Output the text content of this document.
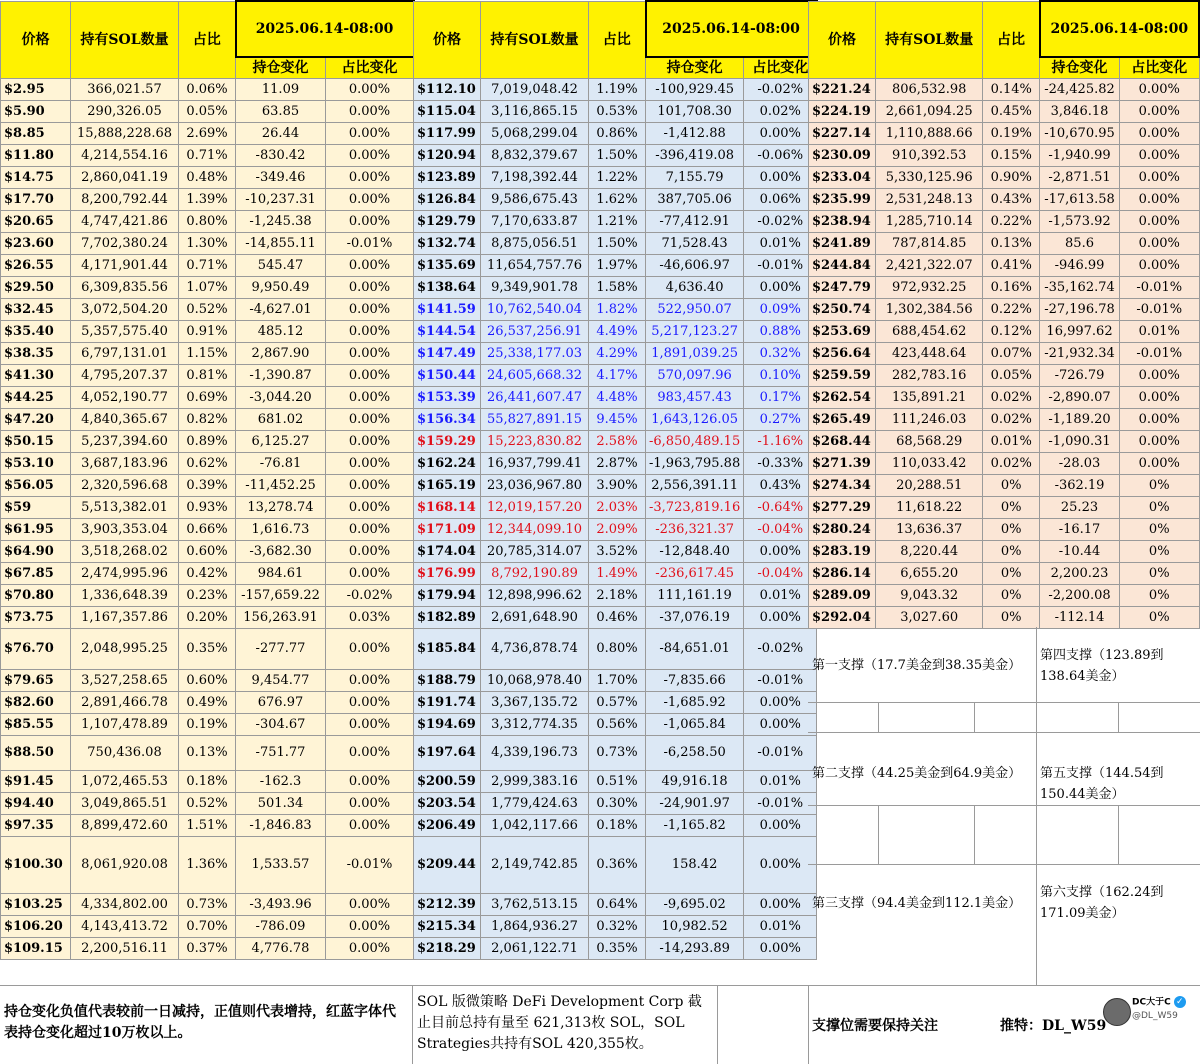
价格	持有SOL数量	占比	2025.06.14-08:00	
			持仓变化	占比变化
$2.95	366,021.57	0.06%	11.09	0.00%
$5.90	290,326.05	0.05%	63.85	0.00%
$8.85	15,888,228.68	2.69%	26.44	0.00%
$11.80	4,214,554.16	0.71%	-830.42	0.00%
$14.75	2,860,041.19	0.48%	-349.46	0.00%
$17.70	8,200,792.44	1.39%	-10,237.31	0.00%
$20.65	4,747,421.86	0.80%	-1,245.38	0.00%
$23.60	7,702,380.24	1.30%	-14,855.11	-0.01%
$26.55	4,171,901.44	0.71%	545.47	0.00%
$29.50	6,309,835.56	1.07%	9,950.49	0.00%
$32.45	3,072,504.20	0.52%	-4,627.01	0.00%
$35.40	5,357,575.40	0.91%	485.12	0.00%
$38.35	6,797,131.01	1.15%	2,867.90	0.00%
$41.30	4,795,207.37	0.81%	-1,390.87	0.00%
$44.25	4,052,190.77	0.69%	-3,044.20	0.00%
$47.20	4,840,365.67	0.82%	681.02	0.00%
$50.15	5,237,394.60	0.89%	6,125.27	0.00%
$53.10	3,687,183.96	0.62%	-76.81	0.00%
$56.05	2,320,596.68	0.39%	-11,452.25	0.00%
$59	5,513,382.01	0.93%	13,278.74	0.00%
$61.95	3,903,353.04	0.66%	1,616.73	0.00%
$64.90	3,518,268.02	0.60%	-3,682.30	0.00%
$67.85	2,474,995.96	0.42%	984.61	0.00%
$70.80	1,336,648.39	0.23%	-157,659.22	-0.02%
$73.75	1,167,357.86	0.20%	156,263.91	0.03%
$76.70	2,048,995.25	0.35%	-277.77	0.00%
$79.65	3,527,258.65	0.60%	9,454.77	0.00%
$82.60	2,891,466.78	0.49%	676.97	0.00%
$85.55	1,107,478.89	0.19%	-304.67	0.00%
$88.50	750,436.08	0.13%	-751.77	0.00%
$91.45	1,072,465.53	0.18%	-162.3	0.00%
$94.40	3,049,865.51	0.52%	501.34	0.00%
$97.35	8,899,472.60	1.51%	-1,846.83	0.00%
$100.30	8,061,920.08	1.36%	1,533.57	-0.01%
$103.25	4,334,802.00	0.73%	-3,493.96	0.00%
$106.20	4,143,413.72	0.70%	-786.09	0.00%
$109.15	2,200,516.11	0.37%	4,776.78	0.00%
价格	持有SOL数量	占比	2025.06.14-08:00	
			持仓变化	占比变化
$112.10	7,019,048.42	1.19%	-100,929.45	-0.02%
$115.04	3,116,865.15	0.53%	101,708.30	0.02%
$117.99	5,068,299.04	0.86%	-1,412.88	0.00%
$120.94	8,832,379.67	1.50%	-396,419.08	-0.06%
$123.89	7,198,392.44	1.22%	7,155.79	0.00%
$126.84	9,586,675.43	1.62%	387,705.06	0.06%
$129.79	7,170,633.87	1.21%	-77,412.91	-0.02%
$132.74	8,875,056.51	1.50%	71,528.43	0.01%
$135.69	11,654,757.76	1.97%	-46,606.97	-0.01%
$138.64	9,349,901.78	1.58%	4,636.40	0.00%
$141.59	10,762,540.04	1.82%	522,950.07	0.09%
$144.54	26,537,256.91	4.49%	5,217,123.27	0.88%
$147.49	25,338,177.03	4.29%	1,891,039.25	0.32%
$150.44	24,605,668.32	4.17%	570,097.96	0.10%
$153.39	26,441,607.47	4.48%	983,457.43	0.17%
$156.34	55,827,891.15	9.45%	1,643,126.05	0.27%
$159.29	15,223,830.82	2.58%	-6,850,489.15	-1.16%
$162.24	16,937,799.41	2.87%	-1,963,795.88	-0.33%
$165.19	23,036,967.80	3.90%	2,556,391.11	0.43%
$168.14	12,019,157.20	2.03%	-3,723,819.16	-0.64%
$171.09	12,344,099.10	2.09%	-236,321.37	-0.04%
$174.04	20,785,314.07	3.52%	-12,848.40	0.00%
$176.99	8,792,190.89	1.49%	-236,617.45	-0.04%
$179.94	12,898,996.62	2.18%	111,161.19	0.01%
$182.89	2,691,648.90	0.46%	-37,076.19	0.00%
$185.84	4,736,878.74	0.80%	-84,651.01	-0.02%
$188.79	10,068,978.40	1.70%	-7,835.66	-0.01%
$191.74	3,367,135.72	0.57%	-1,685.92	0.00%
$194.69	3,312,774.35	0.56%	-1,065.84	0.00%
$197.64	4,339,196.73	0.73%	-6,258.50	-0.01%
$200.59	2,999,383.16	0.51%	49,916.18	0.01%
$203.54	1,779,424.63	0.30%	-24,901.97	-0.01%
$206.49	1,042,117.66	0.18%	-1,165.82	0.00%
$209.44	2,149,742.85	0.36%	158.42	0.00%
$212.39	3,762,513.15	0.64%	-9,695.02	0.00%
$215.34	1,864,936.27	0.32%	10,982.52	0.01%
$218.29	2,061,122.71	0.35%	-14,293.89	0.00%
价格	持有SOL数量	占比	2025.06.14-08:00	
			持仓变化	占比变化
$221.24	806,532.98	0.14%	-24,425.82	0.00%
$224.19	2,661,094.25	0.45%	3,846.18	0.00%
$227.14	1,110,888.66	0.19%	-10,670.95	0.00%
$230.09	910,392.53	0.15%	-1,940.99	0.00%
$233.04	5,330,125.96	0.90%	-2,871.51	0.00%
$235.99	2,531,248.13	0.43%	-17,613.58	0.00%
$238.94	1,285,710.14	0.22%	-1,573.92	0.00%
$241.89	787,814.85	0.13%	85.6	0.00%
$244.84	2,421,322.07	0.41%	-946.99	0.00%
$247.79	972,932.25	0.16%	-35,162.74	-0.01%
$250.74	1,302,384.56	0.22%	-27,196.78	-0.01%
$253.69	688,454.62	0.12%	16,997.62	0.01%
$256.64	423,448.64	0.07%	-21,932.34	-0.01%
$259.59	282,783.16	0.05%	-726.79	0.00%
$262.54	135,891.21	0.02%	-2,890.07	0.00%
$265.49	111,246.03	0.02%	-1,189.20	0.00%
$268.44	68,568.29	0.01%	-1,090.31	0.00%
$271.39	110,033.42	0.02%	-28.03	0.00%
$274.34	20,288.51	0%	-362.19	0%
$277.29	11,618.22	0%	25.23	0%
$280.24	13,636.37	0%	-16.17	0%
$283.19	8,220.44	0%	-10.44	0%
$286.14	6,655.20	0%	2,200.23	0%
$289.09	9,043.32	0%	-2,200.08	0%
$292.04	3,027.60	0%	-112.14	0%
第一支撑（17.7美金到38.35美金）
第二支撑（44.25美金到64.9美金）
第三支撑（94.4美金到112.1美金）
第四支撑（123.89到138.64美金）
第五支撑（144.54到150.44美金）
第六支撑（162.24到171.09美金）
持仓变化负值代表较前一日减持，正值则代表增持，红蓝字体代表持仓变化超过10万枚以上。
SOL 版微策略 DeFi Development Corp 截止目前总持有量至 621,313枚 SOL，SOL Strategies共持有SOL 420,355枚。
支撑位需要保持关注	推特：DL_W59
DC大于C ✓
@DL_W59
